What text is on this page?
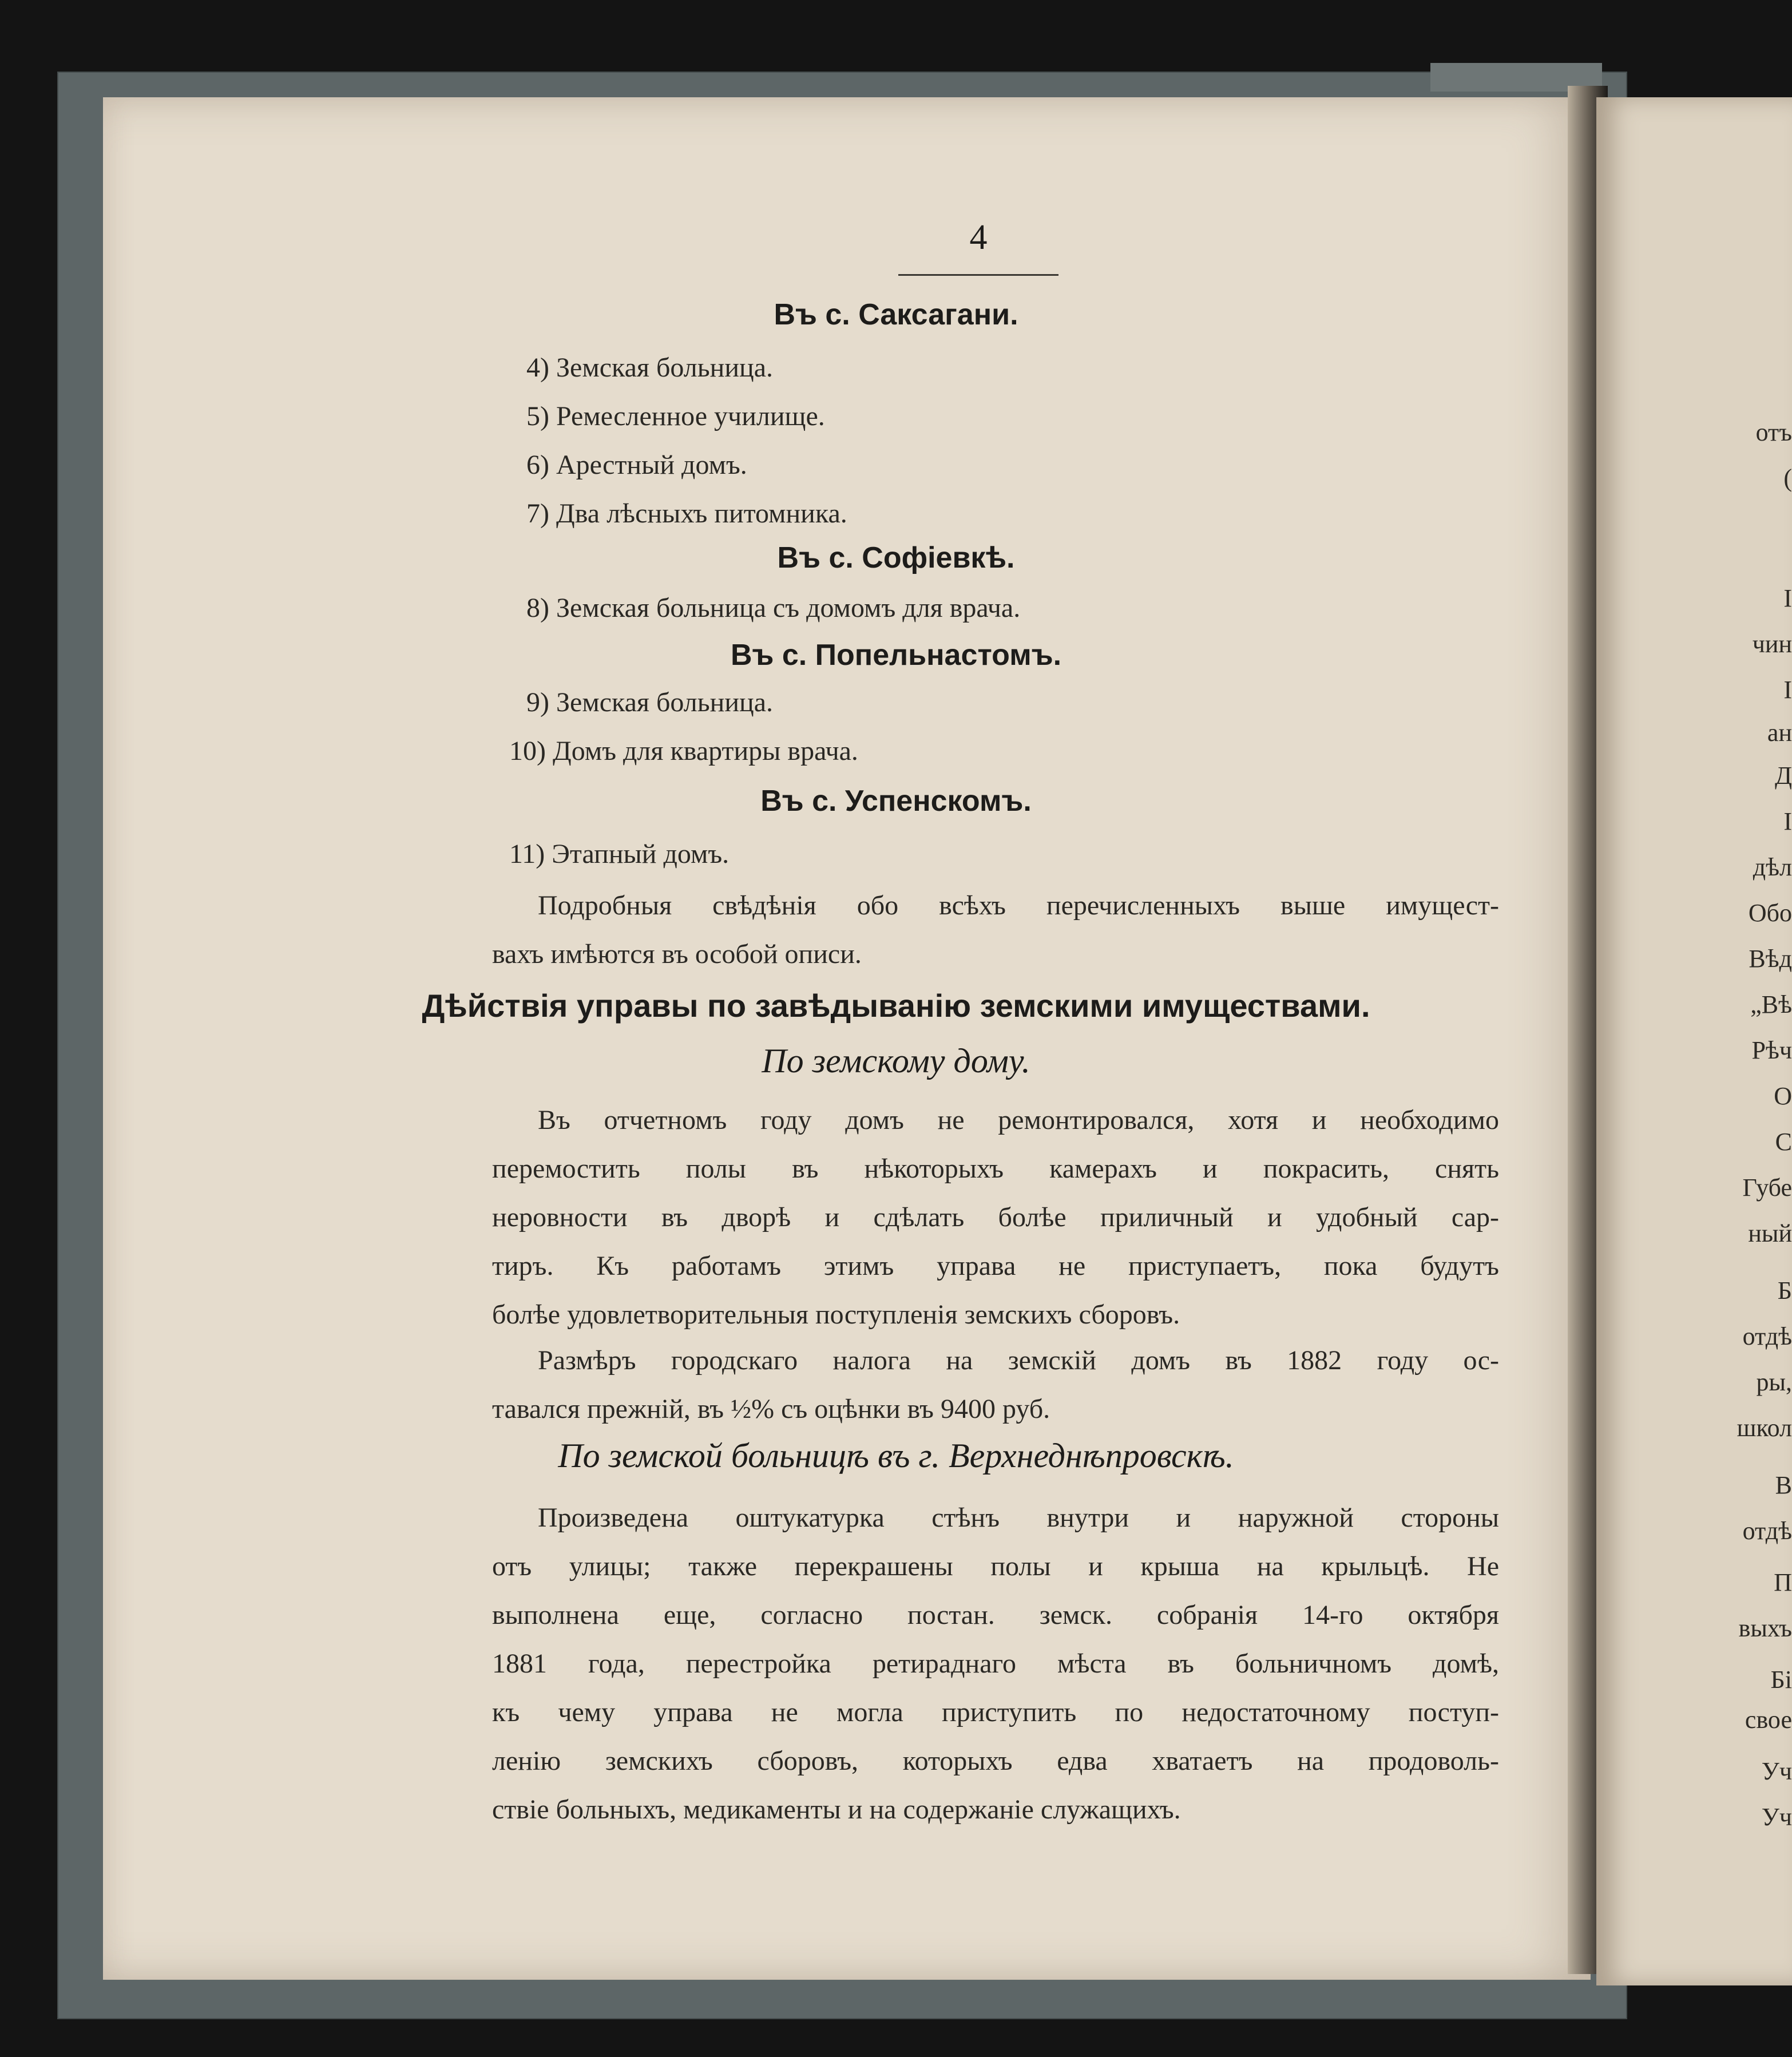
отъ
(
I
чин
I
ан
Д
I
дѣл
Обо
Вѣд
„Вѣ
Рѣч
О
С
Губе
ный
Б
отдѣ
ры,
школ
В
отдѣ
П
выхъ
Бі
свое
Уч
Уч
4
Въ с. Саксагани.
4) Земская больница.
5) Ремесленное училище.
6) Арестный домъ.
7) Два лѣсныхъ питомника.
Въ с. Софіевкѣ.
8) Земская больница съ домомъ для врача.
Въ с. Попельнастомъ.
9) Земская больница.
10) Домъ для квартиры врача.
Въ с. Успенскомъ.
11) Этапный домъ.
Подробныя свѣдѣнія обо всѣхъ перечисленныхъ выше имущест-
вахъ имѣются въ особой описи.
Дѣйствія управы по завѣдыванію земскими имуществами.
По земскому дому.
Въ отчетномъ году домъ не ремонтировался, хотя и необходимо
перемостить полы въ нѣкоторыхъ камерахъ и покрасить, снять
неровности въ дворѣ и сдѣлать болѣе приличный и удобный сар-
тиръ. Къ работамъ этимъ управа не приступаетъ, пока будутъ
болѣе удовлетворительныя поступленія земскихъ сборовъ.
Размѣръ городскаго налога на земскій домъ въ 1882 году ос-
тавался прежній, въ ½% съ оцѣнки въ 9400 руб.
По земской больницѣ въ г. Верхнеднѣпровскѣ.
Произведена оштукатурка стѣнъ внутри и наружной стороны
отъ улицы; также перекрашены полы и крыша на крыльцѣ. Не
выполнена еще, согласно постан. земск. собранія 14-го октября
1881 года, перестройка ретираднаго мѣста въ больничномъ домѣ,
къ чему управа не могла приступить по недостаточному поступ-
ленію земскихъ сборовъ, которыхъ едва хватаетъ на продоволь-
ствіе больныхъ, медикаменты и на содержаніе служащихъ.
